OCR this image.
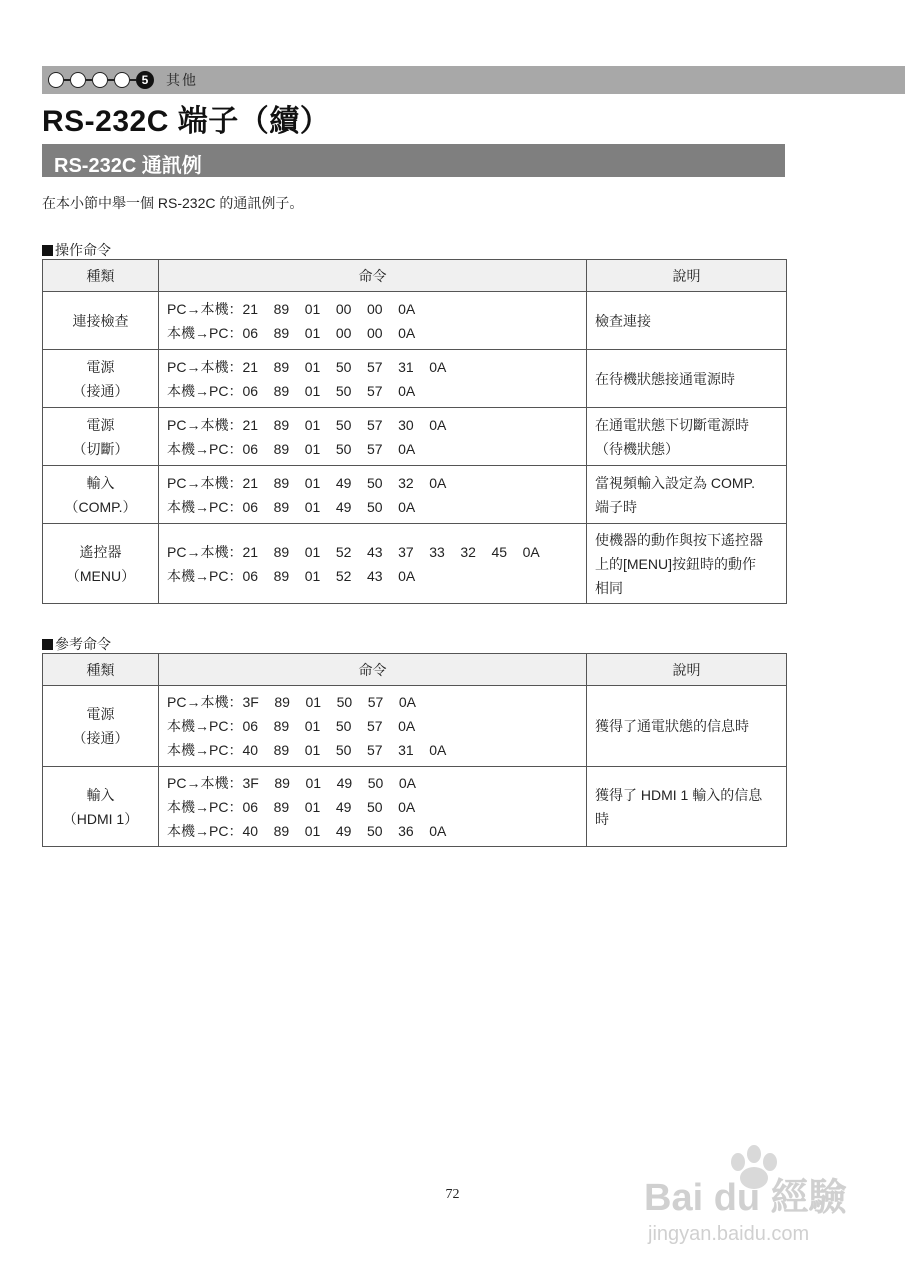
5	其他
RS-232C 端子（續）
RS-232C 通訊例
在本小節中舉一個 RS-232C 的通訊例子。
操作命令
種類	命令	說明

連接檢查	PC→本機：21    89    01    00    00    0A
本機→PC：06    89    01    00    00    0A	檢查連接

電源
（接通）	PC→本機：21    89    01    50    57    31    0A
本機→PC：06    89    01    50    57    0A	在待機狀態接通電源時

電源
（切斷）	PC→本機：21    89    01    50    57    30    0A
本機→PC：06    89    01    50    57    0A	在通電狀態下切斷電源時
（待機狀態）

輸入
（COMP.）	PC→本機：21    89    01    49    50    32    0A
本機→PC：06    89    01    49    50    0A	當視頻輸入設定為 COMP.
端子時

遙控器
（MENU）	PC→本機：21    89    01    52    43    37    33    32    45    0A
本機→PC：06    89    01    52    43    0A	使機器的動作與按下遙控器
上的[MENU]按鈕時的動作
相同
參考命令
種類	命令	說明

電源
（接通）	PC→本機：3F    89    01    50    57    0A
本機→PC：06    89    01    50    57    0A
本機→PC：40    89    01    50    57    31    0A	獲得了通電狀態的信息時

輸入
（HDMI 1）	PC→本機：3F    89    01    49    50    0A
本機→PC：06    89    01    49    50    0A
本機→PC：40    89    01    49    50    36    0A	獲得了 HDMI 1 輸入的信息
時
72	Bai du 經驗
jingyan.baidu.com
